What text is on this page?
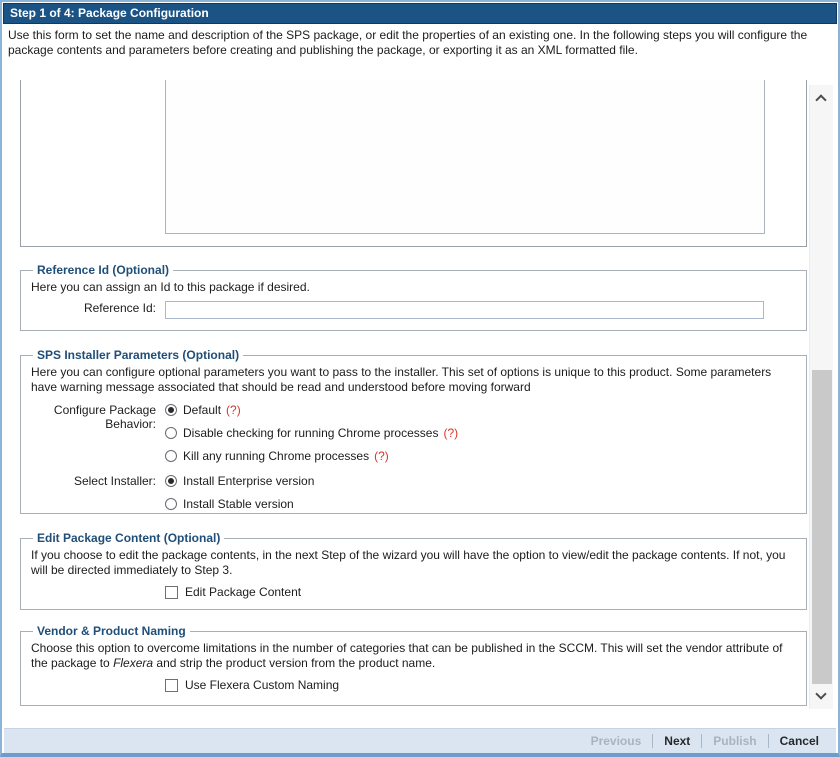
Step 1 of 4: Package Configuration
Use this form to set the name and description of the SPS package, or edit the properties of an existing one. In the following steps you will configure the package contents and parameters before creating and publishing the package, or exporting it as an XML formatted file.
Reference Id (Optional)
Here you can assign an Id to this package if desired.
Reference Id:
SPS Installer Parameters (Optional)
Here you can configure optional parameters you want to pass to the installer. This set of options is unique to this product. Some parameters have warning message associated that should be read and understood before moving forward
Configure Package Behavior:
Default (?)
Disable checking for running Chrome processes (?)
Kill any running Chrome processes (?)
Select Installer:	Install Enterprise version
Install Stable version
Edit Package Content (Optional)
If you choose to edit the package contents, in the next Step of the wizard you will have the option to view/edit the package contents. If not, you will be directed immediately to Step 3.
Edit Package Content
Vendor & Product Naming
Choose this option to overcome limitations in the number of categories that can be published in the SCCM. This will set the vendor attribute of the package to Flexera and strip the product version from the product name.
Use Flexera Custom Naming
Previous	Next	Publish	Cancel
